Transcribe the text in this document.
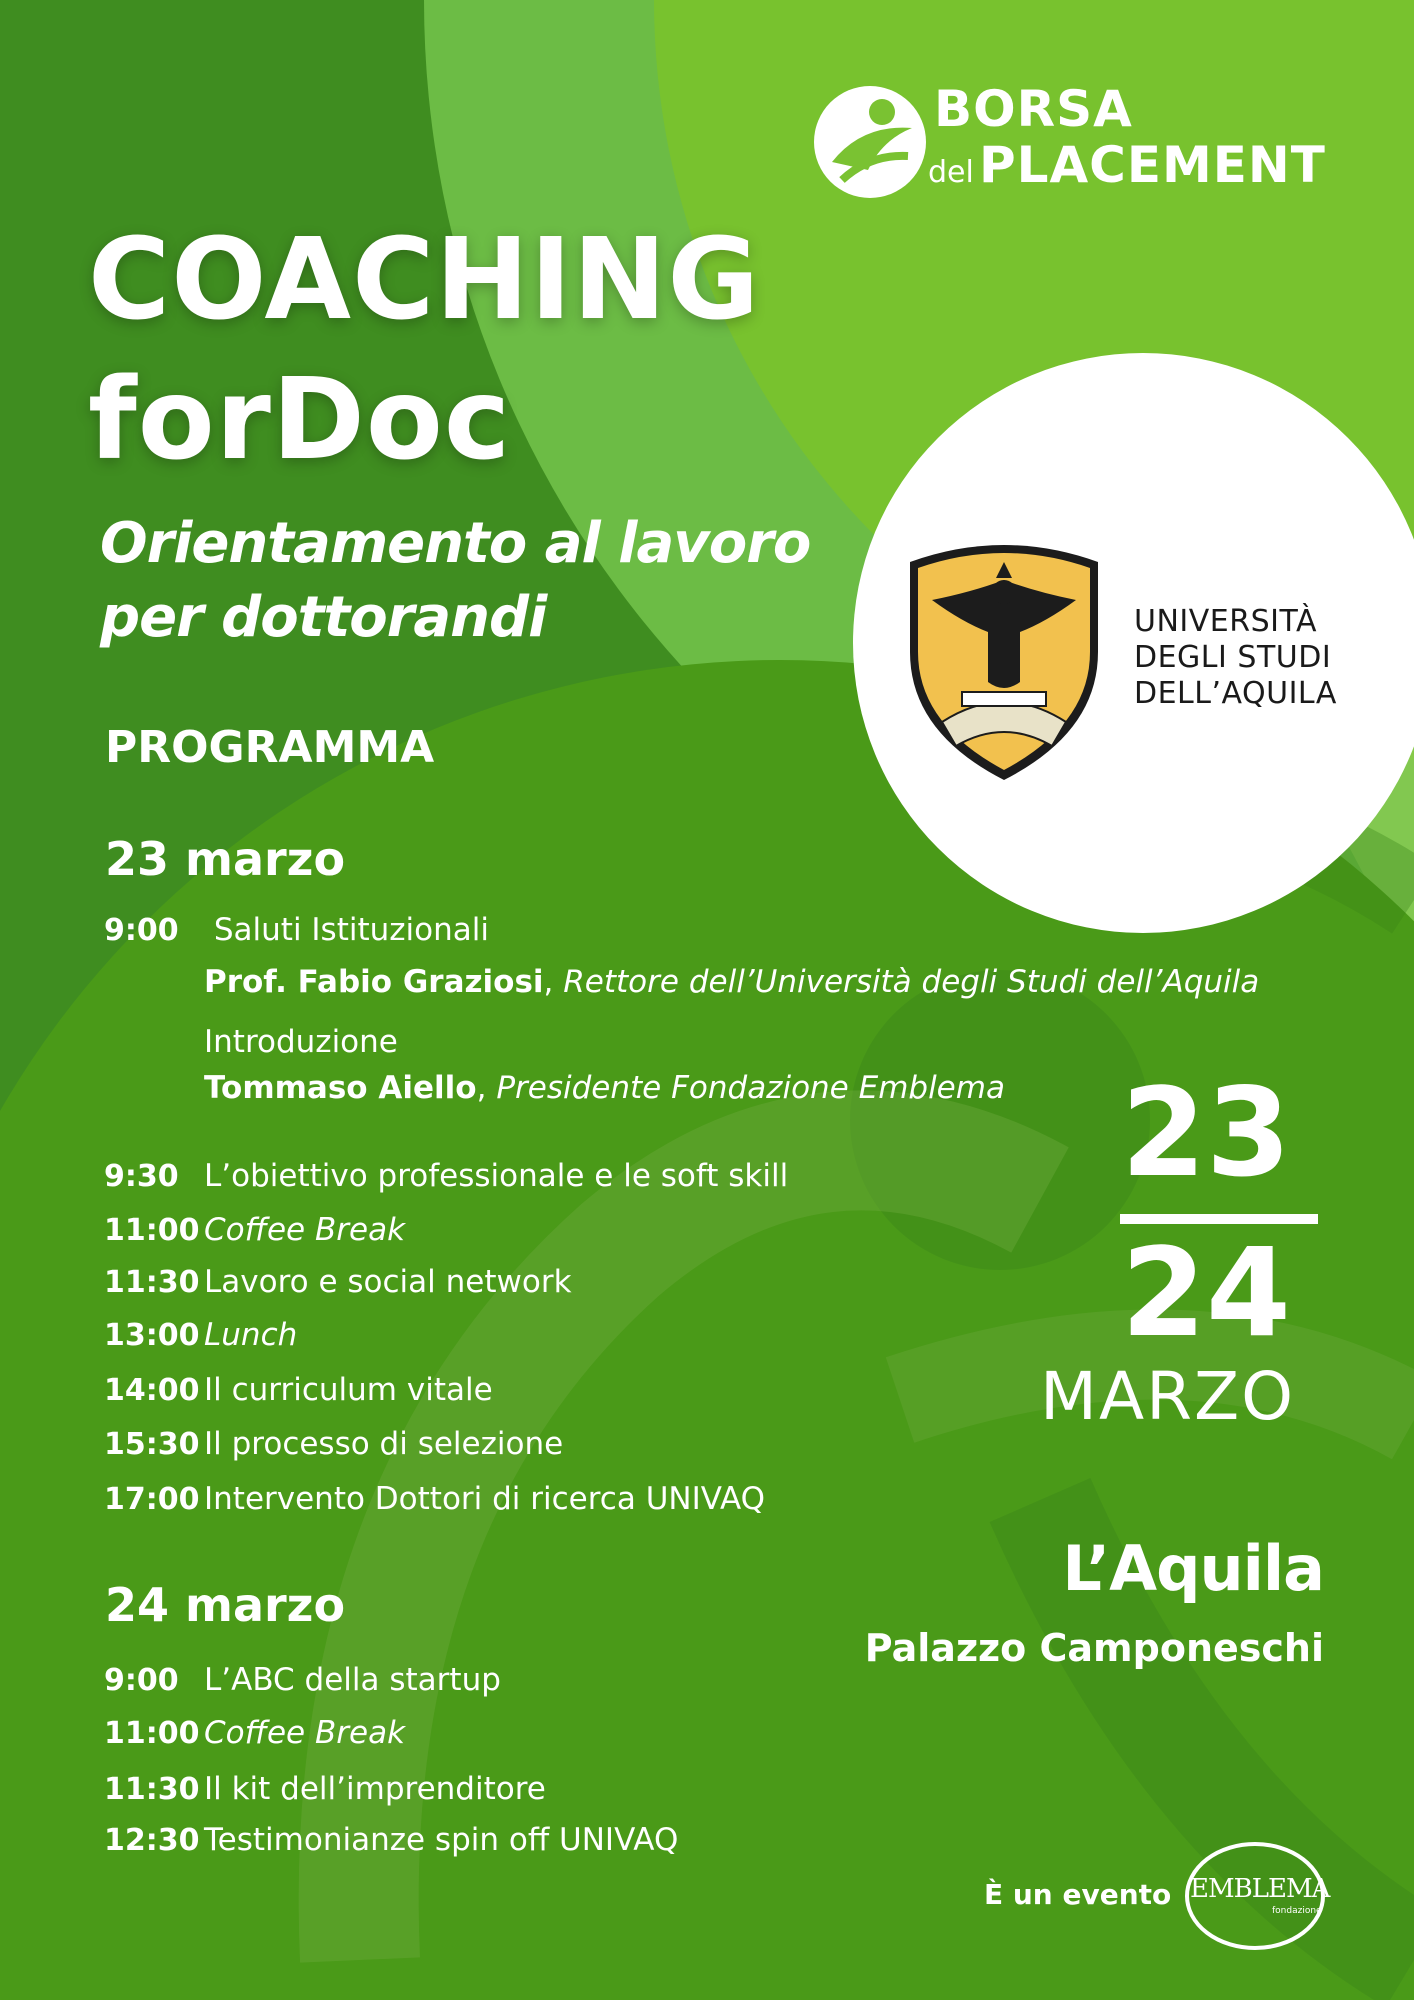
BORSA
del PLACEMENT
COACHING
forDoc
Orientamento al lavoro
per dottorandi	UNIVERSITÀ
DEGLI STUDI
DELL’AQUILA
PROGRAMMA
23 marzo
9:00 Saluti Istituzionali
Prof. Fabio Graziosi, Rettore dell’Università degli Studi dell’Aquila
Introduzione
Tommaso Aiello, Presidente Fondazione Emblema
9:30 L’obiettivo professionale e le soft skill
11:00 Coffee Break
11:30 Lavoro e social network
13:00 Lunch
14:00 Il curriculum vitale
15:30 Il processo di selezione
17:00 Intervento Dottori di ricerca UNIVAQ
24 marzo
9:00 L’ABC della startup
11:00 Coffee Break
11:30 Il kit dell’imprenditore
12:30 Testimonianze spin off UNIVAQ
23
24
MARZO
L’Aquila
Palazzo Camponeschi
È un evento EMBLEMA
fondazione
